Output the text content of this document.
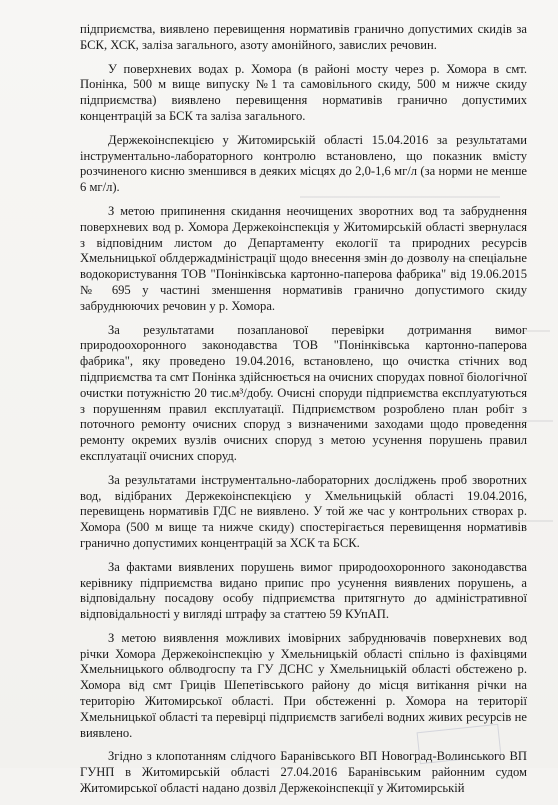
підприємства, виявлено перевищення нормативів гранично допустимих скидів за БСК, ХСК, заліза загального, азоту амонійного, завислих речовин.

У поверхневих водах р. Хомора (в районі мосту через р. Хомора в смт. Понінка, 500 м вище випуску №1 та самовільного скиду, 500 м нижче скиду підприємства) виявлено перевищення нормативів гранично допустимих концентрацій за БСК та заліза загального.

Держекоінспекцією у Житомирській області 15.04.2016 за результатами інструментально-лабораторного контролю встановлено, що показник вмісту розчиненого кисню зменшився в деяких місцях до 2,0-1,6 мг/л (за норми не менше 6 мг/л).

З метою припинення скидання неочищених зворотних вод та забруднення поверхневих вод р. Хомора Держекоінспекція у Житомирській області звернулася з відповідним листом до Департаменту екології та природних ресурсів Хмельницької облдержадміністрації щодо внесення змін до дозволу на спеціальне водокористування ТОВ "Понінківська картонно-паперова фабрика" від 19.06.2015 № 695 у частині зменшення нормативів гранично допустимого скиду забруднюючих речовин у р. Хомора.

За результатами позапланової перевірки дотримання вимог природоохоронного законодавства ТОВ "Понінківська картонно-паперова фабрика", яку проведено 19.04.2016, встановлено, що очистка стічних вод підприємства та смт Понінка здійснюється на очисних спорудах повної біологічної очистки потужністю 20 тис.м³/добу. Очисні споруди підприємства експлуатуються з порушенням правил експлуатації. Підприємством розроблено план робіт з поточного ремонту очисних споруд з визначеними заходами щодо проведення ремонту окремих вузлів очисних споруд з метою усунення порушень правил експлуатації очисних споруд.

За результатами інструментально-лабораторних досліджень проб зворотних вод, відібраних Держекоінспекцією у Хмельницькій області 19.04.2016, перевищень нормативів ГДС не виявлено. У той же час у контрольних створах р. Хомора (500 м вище та нижче скиду) спостерігається перевищення нормативів гранично допустимих концентрацій за ХСК та БСК.

За фактами виявлених порушень вимог природоохоронного законодавства керівнику підприємства видано припис про усунення виявлених порушень, а відповідальну посадову особу підприємства притягнуто до адміністративної відповідальності у вигляді штрафу за статтею 59 КУпАП.

З метою виявлення можливих імовірних забруднювачів поверхневих вод річки Хомора Держекоінспекцію у Хмельницькій області спільно із фахівцями Хмельницького облводгоспу та ГУ ДСНС у Хмельницькій області обстежено р. Хомора від смт Гриців Шепетівського району до місця витікання річки на територію Житомирської області. При обстеженні р. Хомора на території Хмельницької області та перевірці підприємств загибелі водних живих ресурсів не виявлено.

Згідно з клопотанням слідчого Баранівського ВП Новоград-Волинського ВП ГУНП в Житомирській області 27.04.2016 Баранівським районним судом Житомирської області надано дозвіл Держекоінспекції у Житомирській
